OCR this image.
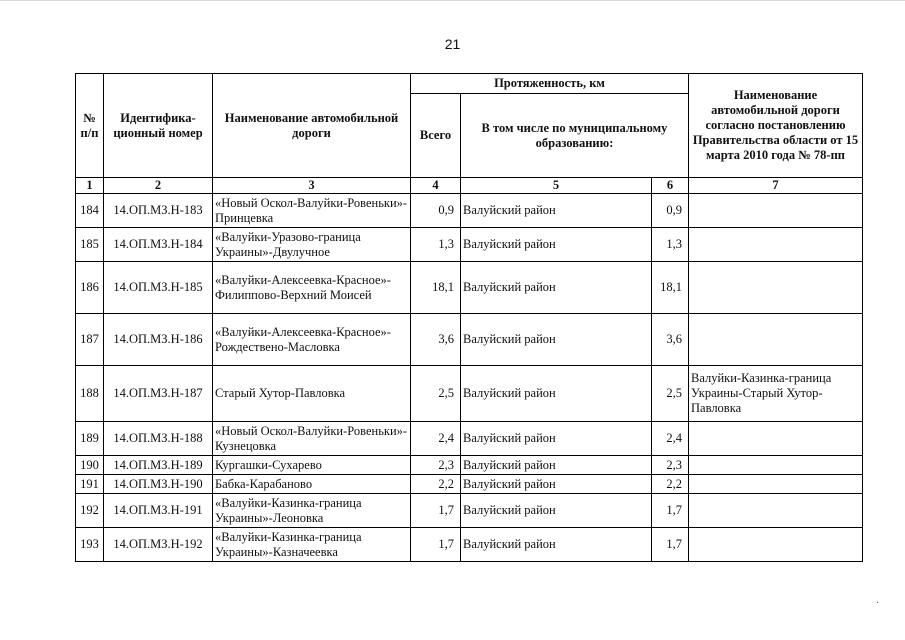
21
№ п/п	Идентифика-ционный номер	Наименование автомобильной дороги	Протяженность, км			Наименование автомобильной дороги согласно постановлению Правительства области от 15 марта 2010 года № 78-пп
			Всего	В том числе по муниципальному образованию:		
1	2	3	4	5	6	7
184	14.ОП.МЗ.Н-183	«Новый Оскол-Валуйки-Ровеньки»-Принцевка	0,9	Валуйский район	0,9	
185	14.ОП.МЗ.Н-184	«Валуйки-Уразово-граница Украины»-Двулучное	1,3	Валуйский район	1,3	
186	14.ОП.МЗ.Н-185	«Валуйки-Алексеевка-Красное»-Филиппово-Верхний Моисей	18,1	Валуйский район	18,1	
187	14.ОП.МЗ.Н-186	«Валуйки-Алексеевка-Красное»-Рождествено-Масловка	3,6	Валуйский район	3,6	
188	14.ОП.МЗ.Н-187	Старый Хутор-Павловка	2,5	Валуйский район	2,5	Валуйки-Казинка-граница Украины-Старый Хутор-Павловка
189	14.ОП.МЗ.Н-188	«Новый Оскол-Валуйки-Ровеньки»-Кузнецовка	2,4	Валуйский район	2,4	
190	14.ОП.МЗ.Н-189	Кургашки-Сухарево	2,3	Валуйский район	2,3	
191	14.ОП.МЗ.Н-190	Бабка-Карабаново	2,2	Валуйский район	2,2	
192	14.ОП.МЗ.Н-191	«Валуйки-Казинка-граница Украины»-Леоновка	1,7	Валуйский район	1,7	
193	14.ОП.МЗ.Н-192	«Валуйки-Казинка-граница Украины»-Казначеевка	1,7	Валуйский район	1,7	
·
